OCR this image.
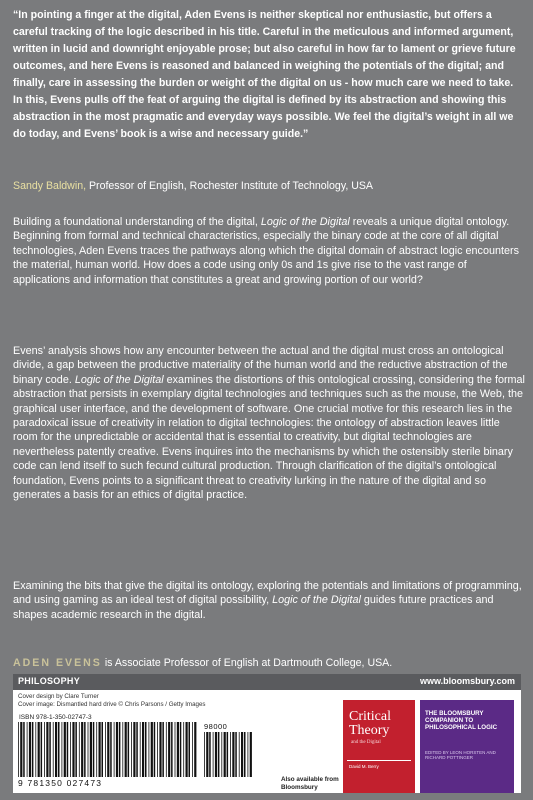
“In pointing a finger at the digital, Aden Evens is neither skeptical nor enthusiastic, but offers a careful tracking of the logic described in his title. Careful in the meticulous and informed argument, written in lucid and downright enjoyable prose; but also careful in how far to lament or grieve future outcomes, and here Evens is reasoned and balanced in weighing the potentials of the digital; and finally, care in assessing the burden or weight of the digital on us - how much care we need to take. In this, Evens pulls off the feat of arguing the digital is defined by its abstraction and showing this abstraction in the most pragmatic and everyday ways possible. We feel the digital’s weight in all we do today, and Evens’ book is a wise and necessary guide.”
Sandy Baldwin, Professor of English, Rochester Institute of Technology, USA
Building a foundational understanding of the digital, Logic of the Digital reveals a unique digital ontology. Beginning from formal and technical characteristics, especially the binary code at the core of all digital technologies, Aden Evens traces the pathways along which the digital domain of abstract logic encounters the material, human world. How does a code using only 0s and 1s give rise to the vast range of applications and information that constitutes a great and growing portion of our world?
Evens’ analysis shows how any encounter between the actual and the digital must cross an ontological divide, a gap between the productive materiality of the human world and the reductive abstraction of the binary code. Logic of the Digital examines the distortions of this ontological crossing, considering the formal abstraction that persists in exemplary digital technologies and techniques such as the mouse, the Web, the graphical user interface, and the development of software. One crucial motive for this research lies in the paradoxical issue of creativity in relation to digital technologies: the ontology of abstraction leaves little room for the unpredictable or accidental that is essential to creativity, but digital technologies are nevertheless patently creative. Evens inquires into the mechanisms by which the ostensibly sterile binary code can lend itself to such fecund cultural production. Through clarification of the digital’s ontological foundation, Evens points to a significant threat to creativity lurking in the nature of the digital and so generates a basis for an ethics of digital practice.
Examining the bits that give the digital its ontology, exploring the potentials and limitations of programming, and using gaming as an ideal test of digital possibility, Logic of the Digital guides future practices and shapes academic research in the digital.
ADEN EVENS is Associate Professor of English at Dartmouth College, USA.
PHILOSOPHY	www.bloomsbury.com
Cover design by Clare Turner
Cover image: Dismantled hard drive © Chris Parsons / Getty Images
ISBN 978-1-350-02747-3
9 781350 027473
98000
Also available from Bloomsbury
Critical Theory
and the Digital
David M. Berry
THE BLOOMSBURY COMPANION TO PHILOSOPHICAL LOGIC
EDITED BY LEON HORSTEN AND RICHARD POTTINGER
